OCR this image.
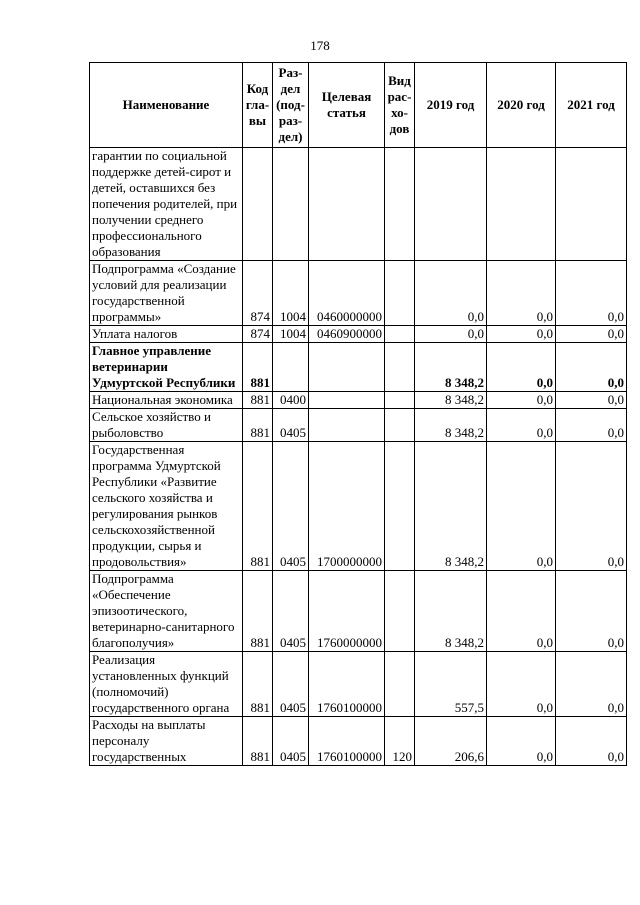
178
Наименование	Код гла- вы	Раз- дел (под- раз- дел)	Целевая статья	Вид рас- хо- дов	2019 год	2020 год	2021 год
гарантии по социальной поддержке детей-сирот и детей, оставшихся без попечения родителей, при получении среднего профессионального образования							
Подпрограмма «Создание условий для реализации государственной программы»	874	1004	0460000000		0,0	0,0	0,0
Уплата налогов	874	1004	0460900000		0,0	0,0	0,0
Главное управление ветеринарии Удмуртской Республики	881				8 348,2	0,0	0,0
Национальная экономика	881	0400			8 348,2	0,0	0,0
Сельское хозяйство и рыболовство	881	0405			8 348,2	0,0	0,0
Государственная программа Удмуртской Республики «Развитие сельского хозяйства и регулирования рынков сельскохозяйственной продукции, сырья и продовольствия»	881	0405	1700000000		8 348,2	0,0	0,0
Подпрограмма «Обеспечение эпизоотического, ветеринарно-санитарного благополучия»	881	0405	1760000000		8 348,2	0,0	0,0
Реализация установленных функций (полномочий) государственного органа	881	0405	1760100000		557,5	0,0	0,0
Расходы на выплаты персоналу государственных	881	0405	1760100000	120	206,6	0,0	0,0
